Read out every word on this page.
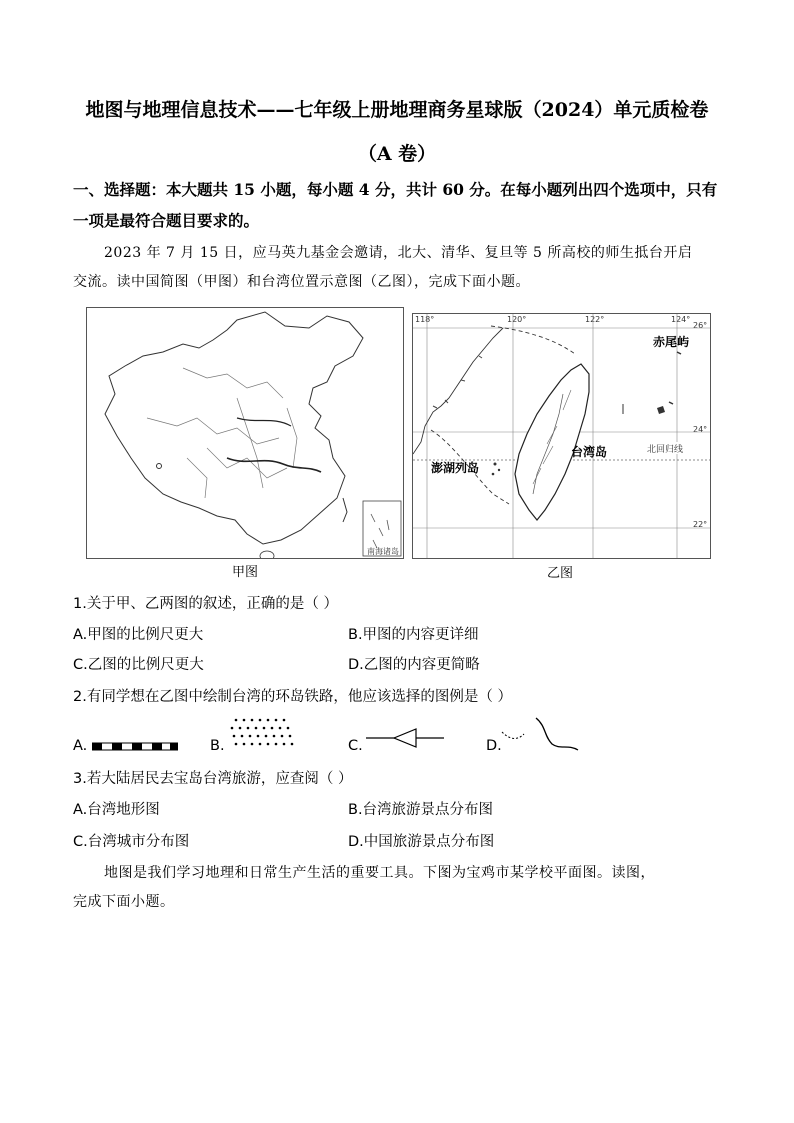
地图与地理信息技术——七年级上册地理商务星球版（2024）单元质检卷
（A 卷）
一、选择题：本大题共 15 小题，每小题 4 分，共计 60 分。在每小题列出四个选项中，只有
一项是最符合题目要求的。
2023 年 7 月 15 日，应马英九基金会邀请，北大、清华、复旦等 5 所高校的师生抵台开启
交流。读中国简图（甲图）和台湾位置示意图（乙图），完成下面小题。
南海诸岛
甲图
118°	120°	122°	124°
26°
24°
22°
赤尾屿
台湾岛
澎湖列岛
北回归线
乙图
1.关于甲、乙两图的叙述，正确的是（ ）
A.甲图的比例尺更大	B.甲图的内容更详细
C.乙图的比例尺更大	D.乙图的内容更简略
2.有同学想在乙图中绘制台湾的环岛铁路，他应该选择的图例是（ ）
A.	B.	C.	D.
3.若大陆居民去宝岛台湾旅游，应查阅（ ）
A.台湾地形图	B.台湾旅游景点分布图
C.台湾城市分布图	D.中国旅游景点分布图
地图是我们学习地理和日常生产生活的重要工具。下图为宝鸡市某学校平面图。读图，
完成下面小题。
